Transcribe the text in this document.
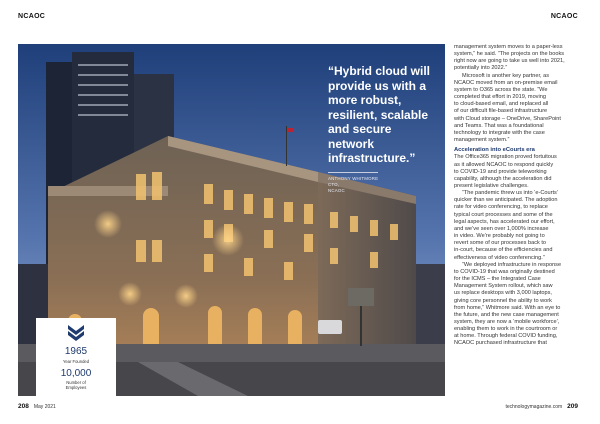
NCAOC	NCAOC
“Hybrid cloud will provide us with a more robust, resilient, scalable and secure network infrastructure.”
ANTHONY WHITMORE
CTO,
NCAOC
1965
Year Founded
10,000
Number of
Employees

management system moves to a paper-less

system,” he said. “The projects on the books

right now are going to take us well into 2021,

potentially into 2022.”

Microsoft is another key partner, as

NCAOC moved from an on-premise email

system to O365 across the state. “We

completed that effort in 2019, moving

to cloud-based email, and replaced all

of our difficult file-based infrastructure

with Cloud storage – OneDrive, SharePoint

and Teams. That was a foundational

technology to integrate with the case

management system.”

Acceleration into eCourts era

The Office365 migration proved fortuitous

as it allowed NCAOC to respond quickly

to COVID-19 and provide teleworking

capability, although the acceleration did

present legislative challenges.

“The pandemic threw us into ‘e-Courts’

quicker than we anticipated. The adoption

rate for video conferencing, to replace

typical court processes and some of the

legal aspects, has accelerated our effort,

and we’ve seen over 1,000% increase

in video. We’re probably not going to

revert some of our processes back to

in-court, because of the efficiencies and

effectiveness of video conferencing.”

“We deployed infrastructure in response

to COVID-19 that was originally destined

for the ICMS – the Integrated Case

Management System rollout, which saw

us replace desktops with 3,000 laptops,

giving core personnel the ability to work

from home,” Whitmore said. With an eye to

the future, and the new case management

system, they are now a ‘mobile workforce’,

enabling them to work in the courtroom or

at home. Through federal COVID funding,

NCAOC purchased infrastructure that

208 May 2021	technologymagazine.com 209
